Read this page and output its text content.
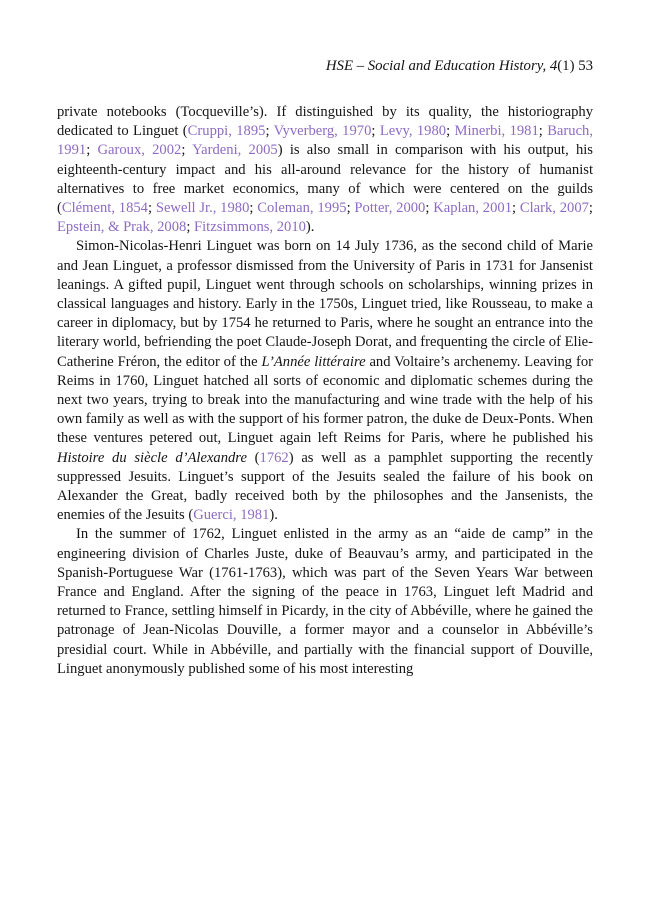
HSE – Social and Education History, 4(1) 53

private notebooks (Tocqueville’s). If distinguished by its quality, the historiography dedicated to Linguet (Cruppi, 1895; Vyverberg, 1970; Levy, 1980; Minerbi, 1981; Baruch, 1991; Garoux, 2002; Yardeni, 2005) is also small in comparison with his output, his eighteenth-century impact and his all-around relevance for the history of humanist alternatives to free market economics, many of which were centered on the guilds (Clément, 1854; Sewell Jr., 1980; Coleman, 1995; Potter, 2000; Kaplan, 2001; Clark, 2007; Epstein, & Prak, 2008; Fitzsimmons, 2010).

Simon-Nicolas-Henri Linguet was born on 14 July 1736, as the second child of Marie and Jean Linguet, a professor dismissed from the University of Paris in 1731 for Jansenist leanings. A gifted pupil, Linguet went through schools on scholarships, winning prizes in classical languages and history. Early in the 1750s, Linguet tried, like Rousseau, to make a career in diplomacy, but by 1754 he returned to Paris, where he sought an entrance into the literary world, befriending the poet Claude-Joseph Dorat, and frequenting the circle of Elie-Catherine Fréron, the editor of the L’Année littéraire and Voltaire’s archenemy. Leaving for Reims in 1760, Linguet hatched all sorts of economic and diplomatic schemes during the next two years, trying to break into the manufacturing and wine trade with the help of his own family as well as with the support of his former patron, the duke de Deux-Ponts. When these ventures petered out, Linguet again left Reims for Paris, where he published his Histoire du siècle d’Alexandre (1762) as well as a pamphlet supporting the recently suppressed Jesuits. Linguet’s support of the Jesuits sealed the failure of his book on Alexander the Great, badly received both by the philosophes and the Jansenists, the enemies of the Jesuits (Guerci, 1981).

In the summer of 1762, Linguet enlisted in the army as an “aide de camp” in the engineering division of Charles Juste, duke of Beauvau’s army, and participated in the Spanish-Portuguese War (1761-1763), which was part of the Seven Years War between France and England. After the signing of the peace in 1763, Linguet left Madrid and returned to France, settling himself in Picardy, in the city of Abbéville, where he gained the patronage of Jean-Nicolas Douville, a former mayor and a counselor in Abbéville’s presidial court. While in Abbéville, and partially with the financial support of Douville, Linguet anonymously published some of his most interesting
